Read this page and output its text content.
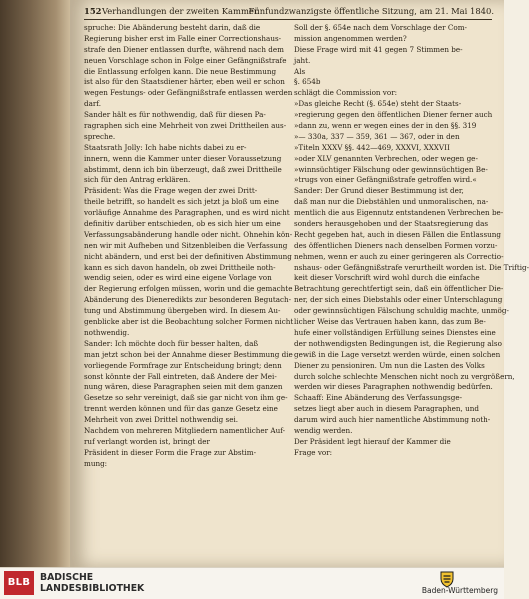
152 Verhandlungen der zweiten Kammer.
Fünfundzwanzigste öffentliche Sitzung, am 21. Mai 1840.
spruche: Die Abänderung besteht darin, daß die
Regierung bisher erst im Falle einer Correctionshaus-
strafe den Diener entlassen durfte, während nach dem
neuen Vorschlage schon in Folge einer Gefängnißstrafe
die Entlassung erfolgen kann. Die neue Bestimmung
ist also für den Staatsdiener härter, eben weil er schon
wegen Festungs- oder Gefängnißstrafe entlassen werden
darf.
Sander hält es für nothwendig, daß für diesen Pa-
ragraphen sich eine Mehrheit von zwei Drittheilen aus-
spreche.
Staatsrath Jolly: Ich habe nichts dabei zu er-
innern, wenn die Kammer unter dieser Voraussetzung
abstimmt, denn ich bin überzeugt, daß zwei Drittheile
sich für den Antrag erklären.
Präsident: Was die Frage wegen der zwei Dritt-
theile betrifft, so handelt es sich jetzt ja bloß um eine
vorläufige Annahme des Paragraphen, und es wird nicht
definitiv darüber entschieden, ob es sich hier um eine
Verfassungsabänderung handle oder nicht. Ohnehin kön-
nen wir mit Aufheben und Sitzenbleiben die Verfassung
nicht abändern, und erst bei der definitiven Abstimmung
kann es sich davon handeln, ob zwei Drittheile noth-
wendig seien, oder es wird eine eigene Vorlage von
der Regierung erfolgen müssen, worin und die gemachte
Abänderung des Dieneredikts zur besonderen Begutach-
tung und Abstimmung übergeben wird. In diesem Au-
genblicke aber ist die Beobachtung solcher Formen nicht
nothwendig.
Sander: Ich möchte doch für besser halten, daß
man jetzt schon bei der Annahme dieser Bestimmung die
vorliegende Formfrage zur Entscheidung bringt; denn
sonst könnte der Fall eintreten, daß Andere der Mei-
nung wären, diese Paragraphen seien mit dem ganzen
Gesetze so sehr vereinigt, daß sie gar nicht von ihm ge-
trennt werden können und für das ganze Gesetz eine
Mehrheit von zwei Drittel nothwendig sei.
Nachdem von mehreren Mitgliedern namentlicher Auf-
ruf verlangt worden ist, bringt der
Präsident in dieser Form die Frage zur Abstim-
mung:
Soll der §. 654e nach dem Vorschlage der Com-
mission angenommen werden?
Diese Frage wird mit 41 gegen 7 Stimmen be-
jaht.
Als
§. 654b
schlägt die Commission vor:
»Das gleiche Recht (§. 654e) steht der Staats-
»regierung gegen den öffentlichen Diener ferner auch
»dann zu, wenn er wegen eines der in den §§. 319
»— 330a, 337 — 359, 361 — 367, oder in den
»Titeln XXXV §§. 442—469, XXXVI, XXXVII
»oder XLV genannten Verbrechen, oder wegen ge-
»winnsüchtiger Fälschung oder gewinnsüchtigen Be-
»trugs von einer Gefängnißstrafe getroffen wird.«
Sander: Der Grund dieser Bestimmung ist der,
daß man nur die Diebstählen und unmoralischen, na-
mentlich die aus Eigennutz entstandenen Verbrechen be-
sonders herausgehoben und der Staatsregierung das
Recht gegeben hat, auch in diesen Fällen die Entlassung
des öffentlichen Dieners nach denselben Formen vorzu-
nehmen, wenn er auch zu einer geringeren als Correctio-
nshaus- oder Gefängnißstrafe verurtheilt worden ist. Die Triftig-
keit dieser Vorschrift wird wohl durch die einfache
Betrachtung gerechtfertigt sein, daß ein öffentlicher Die-
ner, der sich eines Diebstahls oder einer Unterschlagung
oder gewinnsüchtigen Fälschung schuldig machte, unmög-
licher Weise das Vertrauen haben kann, das zum Be-
hufe einer vollständigen Erfüllung seines Dienstes eine
der nothwendigsten Bedingungen ist, die Regierung also
gewiß in die Lage versetzt werden würde, einen solchen
Diener zu pensioniren. Um nun die Lasten des Volks
durch solche schlechte Menschen nicht noch zu vergrößern,
werden wir dieses Paragraphen nothwendig bedürfen.
Schaaff: Eine Abänderung des Verfassungsge-
setzes liegt aber auch in diesem Paragraphen, und
darum wird auch hier namentliche Abstimmung noth-
wendig werden.
Der Präsident legt hierauf der Kammer die
Frage vor:
BLB	BADISCHE
LANDESBIBLIOTHEK	Baden-Württemberg
